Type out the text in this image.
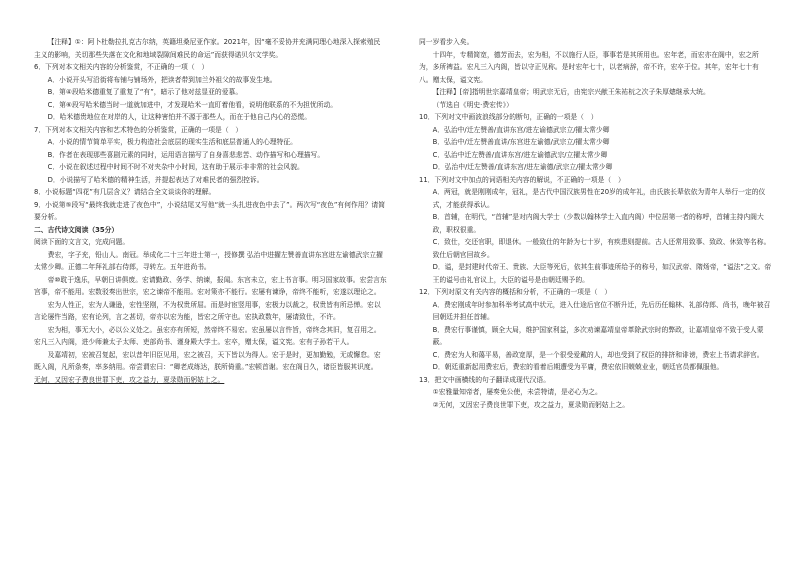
【注释】①：阿卜杜勒拉扎克古尔纳，英籍坦桑尼亚作家。2021年，因“毫不妥协并充满同理心地深入探索殖民主义的影响，关切那些失落在文化和地域裂隙间难民的命运”而获得诺贝尔文学奖。

6．下列对本文相关内容的分析鉴赏，不正确的一项（　）

A．小说开头写沿街将布铺与铺场外，把读者带到加兰外祖父的故事发生地。

B．第④段哈米德重复了重复了“有”，暗示了他对兹显亚的爱慕。

C．第⑥段写哈米德当时一道就加进中，才发现哈米一直盯着他看，说明他联系的不为担忧所动。

D．哈米德贵地位在对岸的人，让这种害怕并不源于那些人，而在于他自己内心的恐慌。

7．下列对本文相关内容和艺术特色的分析鉴赏，正确的一项是（　）

A．小说的情节简单平实，极力构造社会底层的现实生活和底层普通人的心理特征。

B．作者在表现那些喜剧元素的同时，运用语言描写了自身喜悲悲苦、动作描写和心理描写。

C．小说在叙述过程中时间不时不对夹杂中小时间，这有助于展示非非常的社会风貌。

D．小说描写了哈米德的精神生活，并提起表达了对难民者的强烈控诉。

8．小说标题“四花”有几层含义？请结合全文谈谈你的理解。

9．小说第⑤段写“最终我就走进了夜色中”，小说结尾又写他“就一头扎进夜色中去了”。两次写“夜色”有何作用？请简要分析。

二、古代诗文阅读（35分）

阅读下面的文言文，完成问题。

费宏，字子充，铅山人。南冠。举成化二十三年进士第一，授修撰 弘治中进擢左赞善直讲东宫进左谕德武宗立擢太常少卿。正德二年拜礼部右侍郎，寻转左。五年进尚书。

帝⑩耽于逸乐，早朝日讲俱废。宏请勤政、务学、纳谏，报闻。东宫未立，宏上书言事。明习国家故事。宏尝言东宫事，帝不能用。宏数驳奏出世宗，宏之谏帝不能用。宏对策亦不能行。宏屡有谏诤，帝终不能听，宏遂以理论之。

宏为人性正，宏为人谦逊，宏性坚刚，不为权贵所屈。而是时宦竖用事，宏极力以裁之，权贵皆有所忌惮。宏以言论屡忤当路，宏有论列，言之甚切，帝亦以宏为能，皆宏之所守也。宏执政数年，屡请致仕，不许。

宏为相，事无大小，必以公义处之。虽宏亦有所短，然帝终不易宏。宏虽屡以言忤旨，帝终念其旧，复召用之。宏凡三入内阁，进少师兼太子太师、吏部尚书、谨身殿大学士。宏卒，赠太保，谥文宪。宏有子孙若干人。

及嘉靖初，宏被召复起，宏以昔年旧臣见用，宏之被召，天下皆以为得人。宏于是时，更加勤勉，无或懈怠。宏既入阁，凡所条奏，率多纳用。帝尝谓宏曰：“卿老成练达，朕所倚重。”宏顿首谢。宏在阁日久，诸臣皆服其识度。

无何，又因宏子费良世罪下吏，攻之益力，夏录勋而躬姑上之。

同一岁看步入矣。

十四年，专精简宽，德芳而去，宏为相，不以施行人臣，事事若是其所用也。宏年老，而宏亦在阁中，宏之所为，多所裨益。宏凡三入内阁，皆以守正见称。是时宏年七十，以老病辞，帝不许，宏卒于位。其年，宏年七十有八。赠太保，谥文宪。

【注释】[帝]指明世宗嘉靖皇帝；明武宗无后，由宪宗兴献王朱祐杬之次子朱厚熜继承大统。

（节选自《明史·费宏传》）

10．下列对文中画波浪线部分的断句，正确的一项是（　）

A．弘治中/迁左赞善/直讲东宫/进左谕德武宗立/擢太常少卿

B．弘治中/迁左赞善直讲/东宫进左谕德/武宗立/擢太常少卿

C．弘治中迁左赞善/直讲东宫/进左谕德武宗/立擢太常少卿

D．弘治中/迁左赞善/直讲东宫/进左谕德/武宗立/擢太常少卿

11．下列对文中加点的词语相关内容的解说，不正确的一项是（　）

A．两冠，就是刚刚成年，冠礼，是古代中国汉族男性在20岁的成年礼，由氏族长辈依依为青年人举行一定的仪式，才能获得承认。

B．首辅，在明代，“首辅”是对内阁大学士（少数以翰林学士入直内阁）中位居第一者的称呼，首辅主持内阁大政，职权很重。

C．致仕，交还官职，即退休。一般致仕的年龄为七十岁，有疾患则提前。古人还常用致事、致政、休致等名称。致仕后朝官回故乡。

D．谥，是封建时代帝王、贵族、大臣等死后，依其生前事迹所给予的称号，如汉武帝、隋炀帝，“谥法”之文。帝王的谥号由礼官议上，大臣的谥号是由朝廷赐予的。

12．下列对原文有关内容的概括和分析，不正确的一项是（　）

A．费宏刚成年时参加科举考试高中状元，进入仕途后官位不断升迁，先后历任翰林、礼部侍郎、尚书，晚年被召回朝廷并担任首辅。

B．费宏行事谨慎，顾全大局，维护国家利益，多次劝谏嘉靖皇帝革除武宗时的弊政，让嘉靖皇帝不致于受人蒙蔽。

C．费宏为人和蔼平易，善政宽厚，是一个很受爱戴的人，却也受到了权臣的排挤和诽谤，费宏上书请求辞官。

D．朝廷重新起用费宏后，费宏的看着后期遭受为平庸，费宏依旧兢兢业业，朝廷官员都佩服他。

13．把文中画横线的句子翻译成现代汉语。

①宏雅量知帝者，屡奏免公使，未尝特请，是必心为之。

②无何，又因宏子费良世罪下吏，攻之益力，夏录勋而躬姑上之。
